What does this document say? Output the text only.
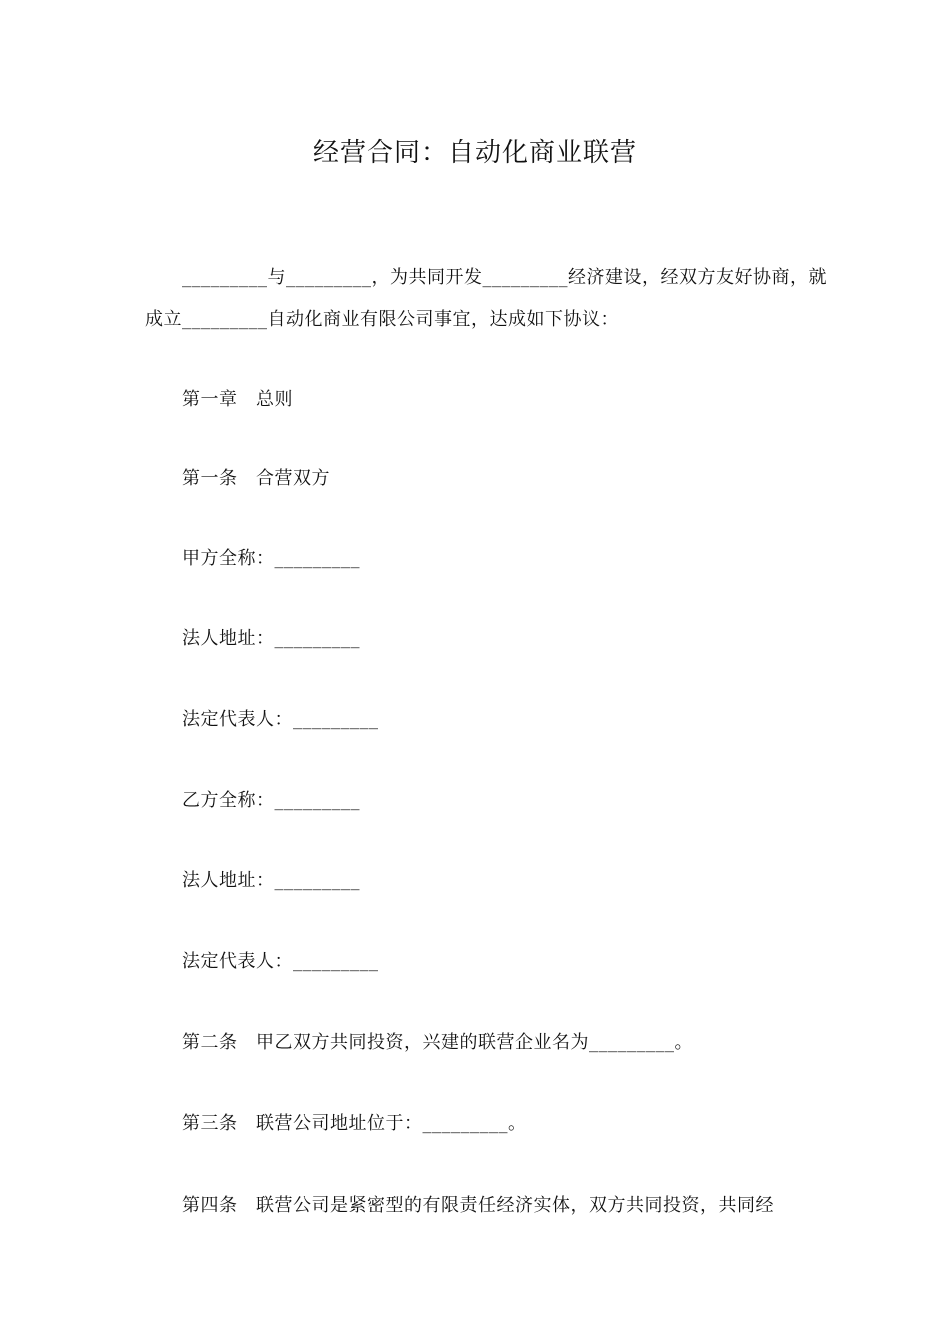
经营合同：自动化商业联营
_________与_________，为共同开发_________经济建设，经双方友好协商，就成立_________自动化商业有限公司事宜，达成如下协议：
第一章　总则
第一条　合营双方
甲方全称：_________
法人地址：_________
法定代表人：_________
乙方全称：_________
法人地址：_________
法定代表人：_________
第二条　甲乙双方共同投资，兴建的联营企业名为_________。
第三条　联营公司地址位于：_________。
第四条　联营公司是紧密型的有限责任经济实体，双方共同投资，共同经
